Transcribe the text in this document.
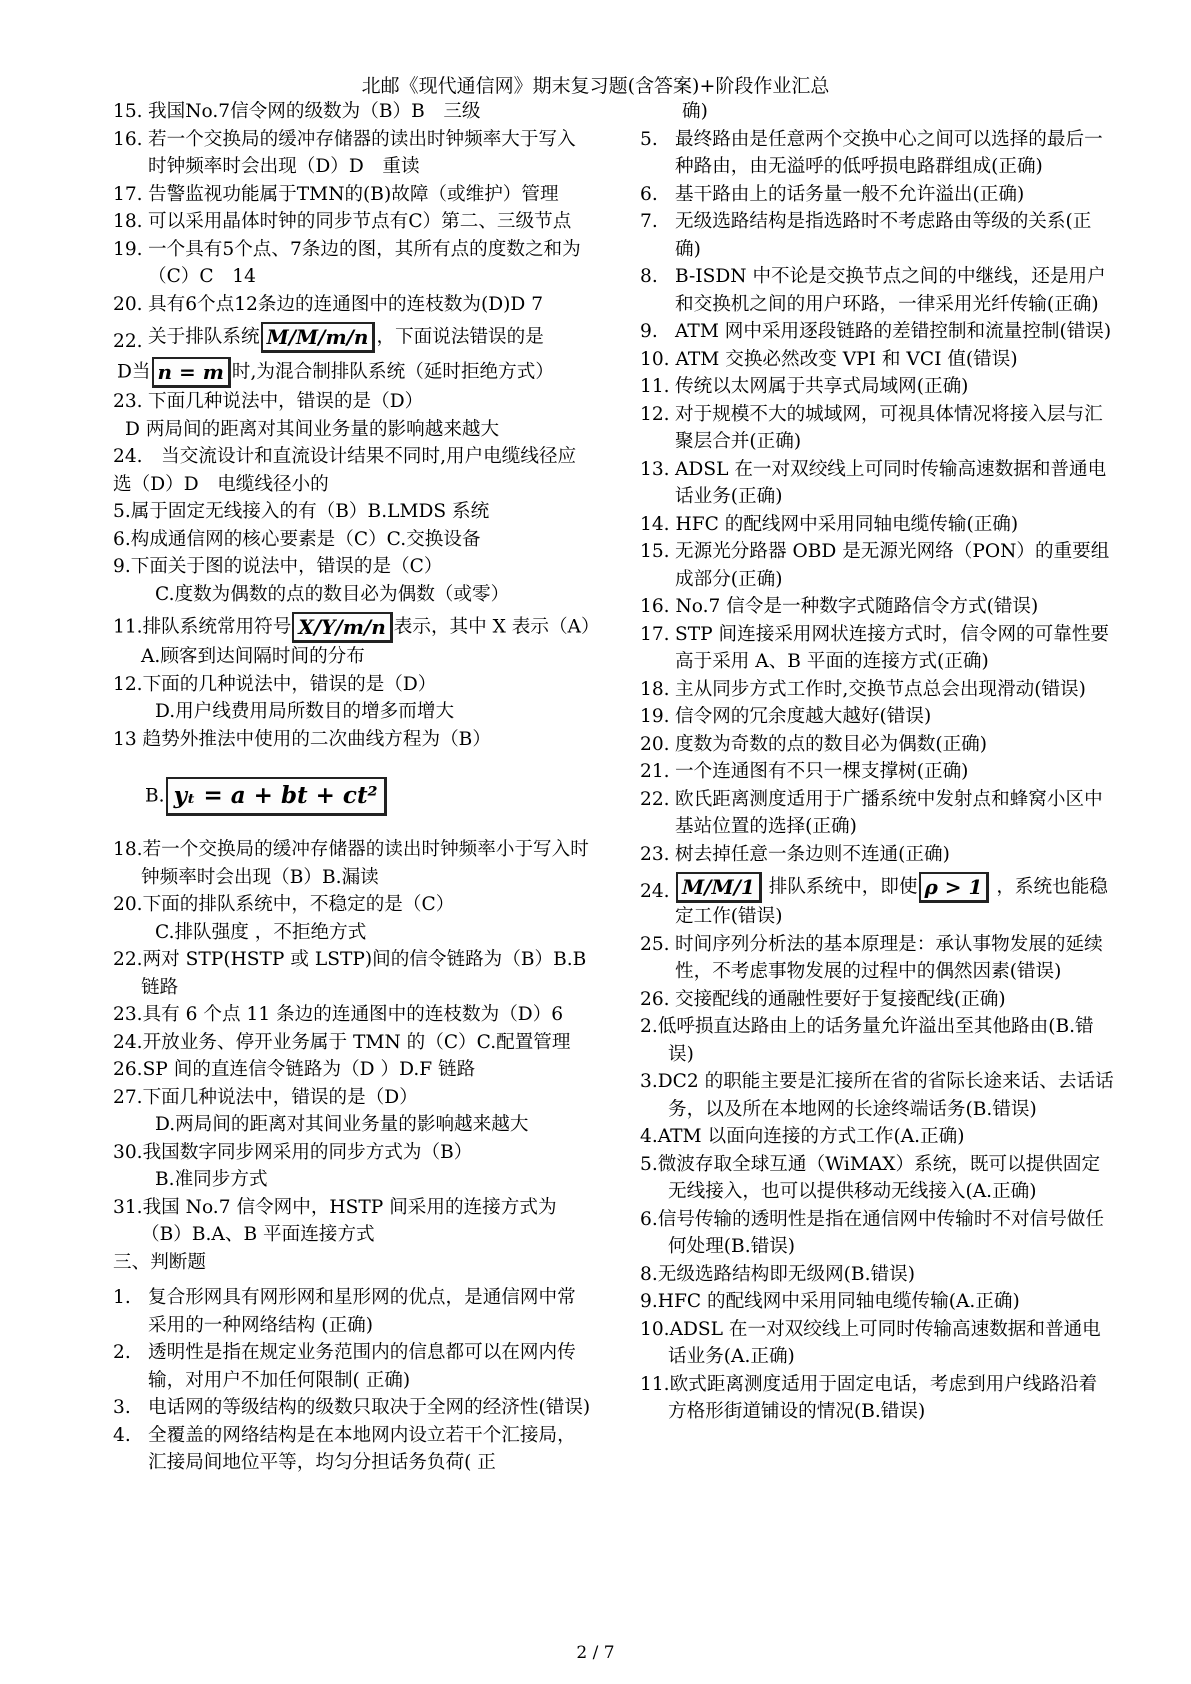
北邮《现代通信网》期末复习题(含答案)+阶段作业汇总
15. 我国No.7信令网的级数为（B）B　三级
16. 若一个交换局的缓冲存储器的读出时钟频率大于写入时钟频率时会出现（D）D　重读
17. 告警监视功能属于TMN的(B)故障（或维护）管理
18. 可以采用晶体时钟的同步节点有C）第二、三级节点
19. 一个具有5个点、7条边的图，其所有点的度数之和为（C）C　14
20. 具有6个点12条边的连通图中的连枝数为(D)D 7
22. 关于排队系统 M/M/m/n ，下面说法错误的是
D当 n = m 时,为混合制排队系统（延时拒绝方式）
23. 下面几种说法中，错误的是（D）
D 两局间的距离对其间业务量的影响越来越大
24.　当交流设计和直流设计结果不同时,用户电缆线径应选（D）D　电缆线径小的
5.属于固定无线接入的有（B）B.LMDS 系统
6.构成通信网的核心要素是（C）C.交换设备
9.下面关于图的说法中，错误的是（C）
C.度数为偶数的点的数目必为偶数（或零）
11.排队系统常用符号 X/Y/m/n 表示，其中 X 表示（A）A.顾客到达间隔时间的分布
12.下面的几种说法中，错误的是（D）
D.用户线费用局所数目的增多而增大
13 趋势外推法中使用的二次曲线方程为（B）
B. yₜ = a + bt + ct²
18.若一个交换局的缓冲存储器的读出时钟频率小于写入时钟频率时会出现（B）B.漏读
20.下面的排队系统中，不稳定的是（C）
C.排队强度 ，不拒绝方式
22.两对 STP(HSTP 或 LSTP)间的信令链路为（B）B.B 链路
23.具有 6 个点 11 条边的连通图中的连枝数为（D）6
24.开放业务、停开业务属于 TMN 的（C）C.配置管理
26.SP 间的直连信令链路为（D ）D.F 链路
27.下面几种说法中，错误的是（D）
D.两局间的距离对其间业务量的影响越来越大
30.我国数字同步网采用的同步方式为（B）
B.准同步方式
31.我国 No.7 信令网中，HSTP 间采用的连接方式为（B）B.A、B 平面连接方式
三、判断题
1. 复合形网具有网形网和星形网的优点，是通信网中常采用的一种网络结构 (正确)
2. 透明性是指在规定业务范围内的信息都可以在网内传输，对用户不加任何限制( 正确)
3. 电话网的等级结构的级数只取决于全网的经济性(错误)
4. 全覆盖的网络结构是在本地网内设立若干个汇接局，汇接局间地位平等，均匀分担话务负荷( 正
确)
5. 最终路由是任意两个交换中心之间可以选择的最后一种路由，由无溢呼的低呼损电路群组成(正确)
6. 基干路由上的话务量一般不允许溢出(正确)
7. 无级选路结构是指选路时不考虑路由等级的关系(正确)
8. B-ISDN 中不论是交换节点之间的中继线，还是用户和交换机之间的用户环路，一律采用光纤传输(正确)
9. ATM 网中采用逐段链路的差错控制和流量控制(错误)
10. ATM 交换必然改变 VPI 和 VCI 值(错误)
11. 传统以太网属于共享式局域网(正确)
12. 对于规模不大的城域网，可视具体情况将接入层与汇聚层合并(正确)
13. ADSL 在一对双绞线上可同时传输高速数据和普通电话业务(正确)
14. HFC 的配线网中采用同轴电缆传输(正确)
15. 无源光分路器 OBD 是无源光网络（PON）的重要组成部分(正确)
16. No.7 信令是一种数字式随路信令方式(错误)
17. STP 间连接采用网状连接方式时，信令网的可靠性要高于采用 A、B 平面的连接方式(正确)
18. 主从同步方式工作时,交换节点总会出现滑动(错误)
19. 信令网的冗余度越大越好(错误)
20. 度数为奇数的点的数目必为偶数(正确)
21. 一个连通图有不只一棵支撑树(正确)
22. 欧氏距离测度适用于广播系统中发射点和蜂窝小区中基站位置的选择(正确)
23. 树去掉任意一条边则不连通(正确)
24. M/M/1 排队系统中，即使 ρ > 1 ，系统也能稳定工作(错误)
25. 时间序列分析法的基本原理是：承认事物发展的延续性，不考虑事物发展的过程中的偶然因素(错误)
26. 交接配线的通融性要好于复接配线(正确)
2.低呼损直达路由上的话务量允许溢出至其他路由(B.错误)
3.DC2 的职能主要是汇接所在省的省际长途来话、去话话务，以及所在本地网的长途终端话务(B.错误)
4.ATM 以面向连接的方式工作(A.正确)
5.微波存取全球互通（WiMAX）系统，既可以提供固定无线接入，也可以提供移动无线接入(A.正确)
6.信号传输的透明性是指在通信网中传输时不对信号做任何处理(B.错误)
8.无级选路结构即无级网(B.错误)
9.HFC 的配线网中采用同轴电缆传输(A.正确)
10.ADSL 在一对双绞线上可同时传输高速数据和普通电话业务(A.正确)
11.欧式距离测度适用于固定电话，考虑到用户线路沿着方格形街道铺设的情况(B.错误)
2 / 7
